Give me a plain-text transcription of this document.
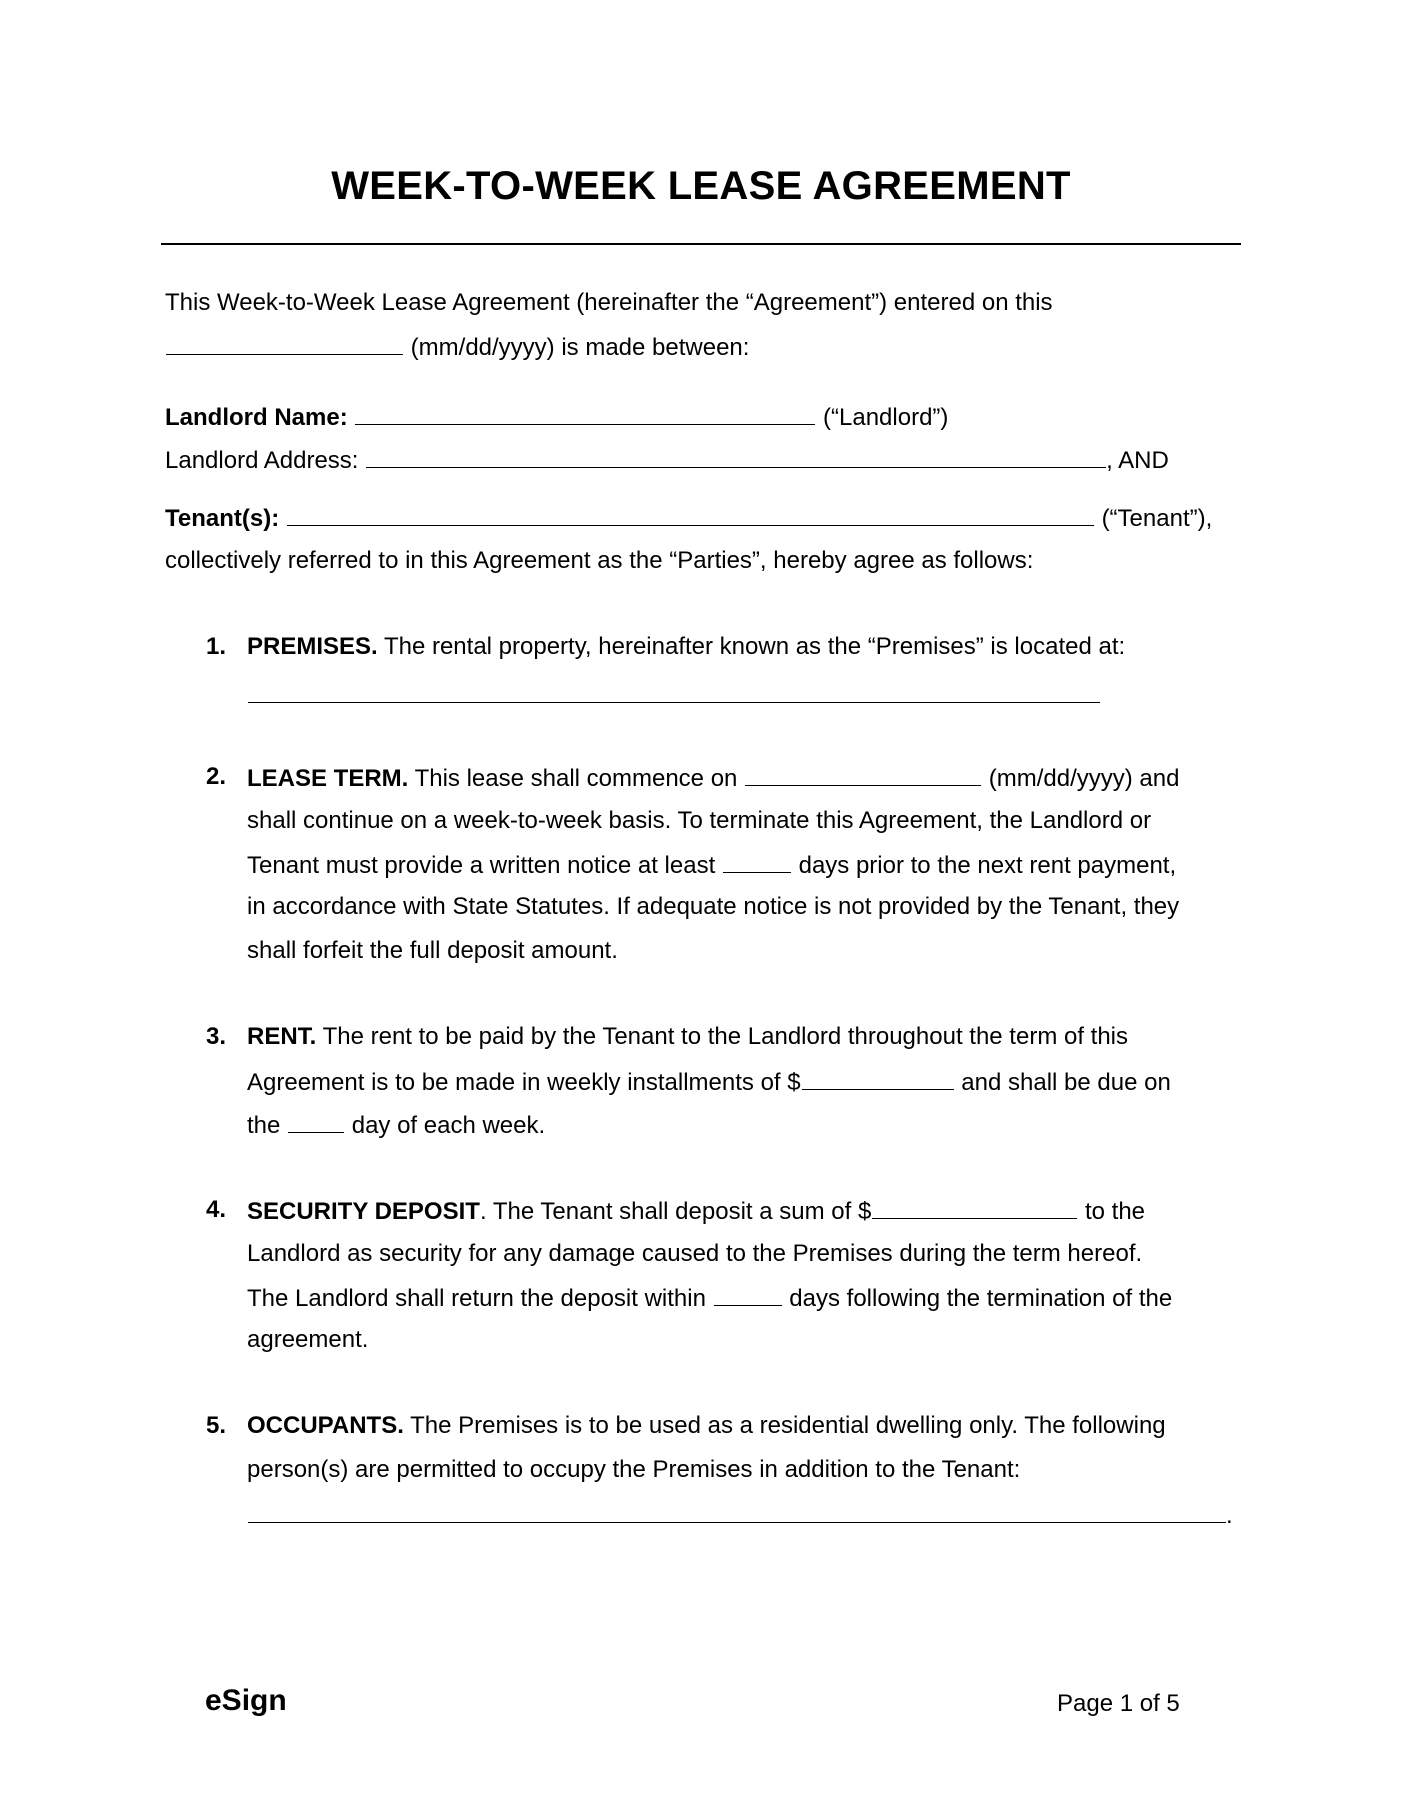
WEEK-TO-WEEK LEASE AGREEMENT
This Week-to-Week Lease Agreement (hereinafter the “Agreement”) entered on this
(mm/dd/yyyy) is made between:
Landlord Name:	(“Landlord”)
Landlord Address:	, AND
Tenant(s):	(“Tenant”),
collectively referred to in this Agreement as the “Parties”, hereby agree as follows:
1. PREMISES. The rental property, hereinafter known as the “Premises” is located at:
2. LEASE TERM. This lease shall commence on	(mm/dd/yyyy) and
shall continue on a week-to-week basis. To terminate this Agreement, the Landlord or
Tenant must provide a written notice at least	days prior to the next rent payment,
in accordance with State Statutes. If adequate notice is not provided by the Tenant, they
shall forfeit the full deposit amount.
3. RENT. The rent to be paid by the Tenant to the Landlord throughout the term of this
Agreement is to be made in weekly installments of $	and shall be due on
the	day of each week.
4. SECURITY DEPOSIT. The Tenant shall deposit a sum of $	to the
Landlord as security for any damage caused to the Premises during the term hereof.
The Landlord shall return the deposit within	days following the termination of the
agreement.
5. OCCUPANTS. The Premises is to be used as a residential dwelling only. The following
person(s) are permitted to occupy the Premises in addition to the Tenant:
.
eSign	Page 1 of 5
